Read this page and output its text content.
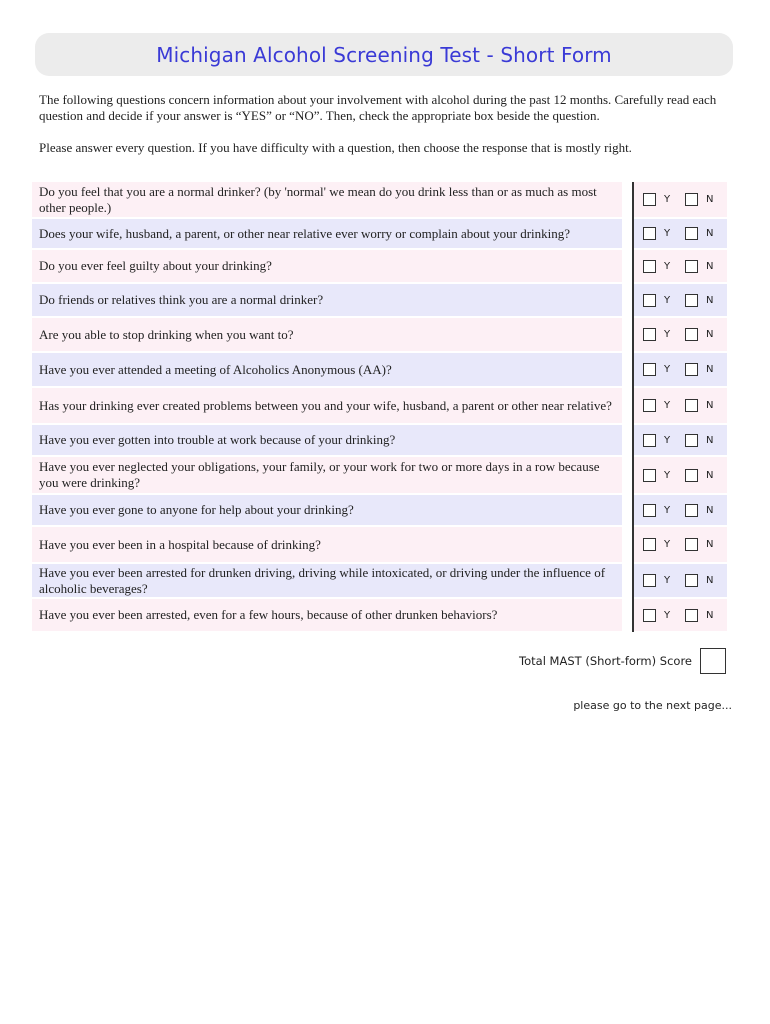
Michigan Alcohol Screening Test - Short Form

The following questions concern information about your involvement with alcohol during the past 12 months. Carefully read each question and decide if your answer is “YES” or “NO”. Then, check the appropriate box beside the question.

Please answer every question. If you have difficulty with a question, then choose the response that is mostly right.

Do you feel that you are a normal drinker? (by 'normal' we mean do you drink less than or as much as most other people.)	Y	N
Does your wife, husband, a parent, or other near relative ever worry or complain about your drinking?	Y	N
Do you ever feel guilty about your drinking?	Y	N
Do friends or relatives think you are a normal drinker?	Y	N
Are you able to stop drinking when you want to?	Y	N
Have you ever attended a meeting of Alcoholics Anonymous (AA)?	Y	N
Has your drinking ever created problems between you and your wife, husband, a parent or other near relative?	Y	N
Have you ever gotten into trouble at work because of your drinking?	Y	N
Have you ever neglected your obligations, your family, or your work for two or more days in a row because you were drinking?	Y	N
Have you ever gone to anyone for help about your drinking?	Y	N
Have you ever been in a hospital because of drinking?	Y	N
Have you ever been arrested for drunken driving, driving while intoxicated, or driving under the influence of alcoholic beverages?	Y	N
Have you ever been arrested, even for a few hours, because of other drunken behaviors?	Y	N
Total MAST (Short-form) Score
please go to the next page...
